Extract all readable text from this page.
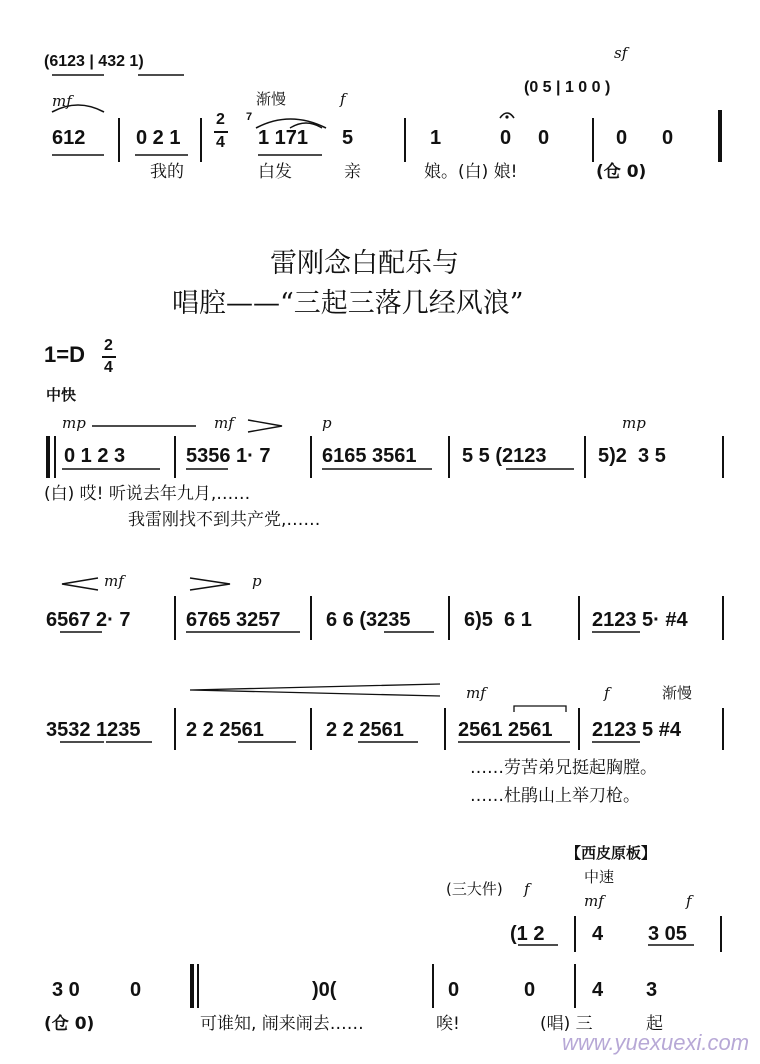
(6123 | 432 1)
mf	渐慢	f
sf
(0 5 | 1 0 0 )
612	0 2 1
2
4
7
1 171 5	1	0 0	0 0
我的	白发	亲	娘。(白) 娘!	(仓 0)
雷刚念白配乐与
唱腔——“三起三落几经风浪”
1=D 2
4
中快
mp	mf	p	mp
0 1 2 3	5356 1· 7	6165 3561 5 5 (2123	5)2  3 5
(白) 哎! 听说去年九月,……
我雷刚找不到共产党,……
mf	p
6567 2· 7	6765 3257 6 6 (3235	6)5  6 1	2123 5· #4
mf	f	渐慢
3532 1235 2 2 2561	2 2 2561	2561 2561 2123 5 #4
……劳苦弟兄挺起胸膛。
……杜鹃山上举刀枪。
【西皮原板】
中速
(三大件) f
mf	f
(1 2 4 3 05
3 0	0	)0(	0	0	4 3
(仓 0)	可谁知, 闹来闹去……	唉!	(唱) 三	起
www.yuexuexi.com
